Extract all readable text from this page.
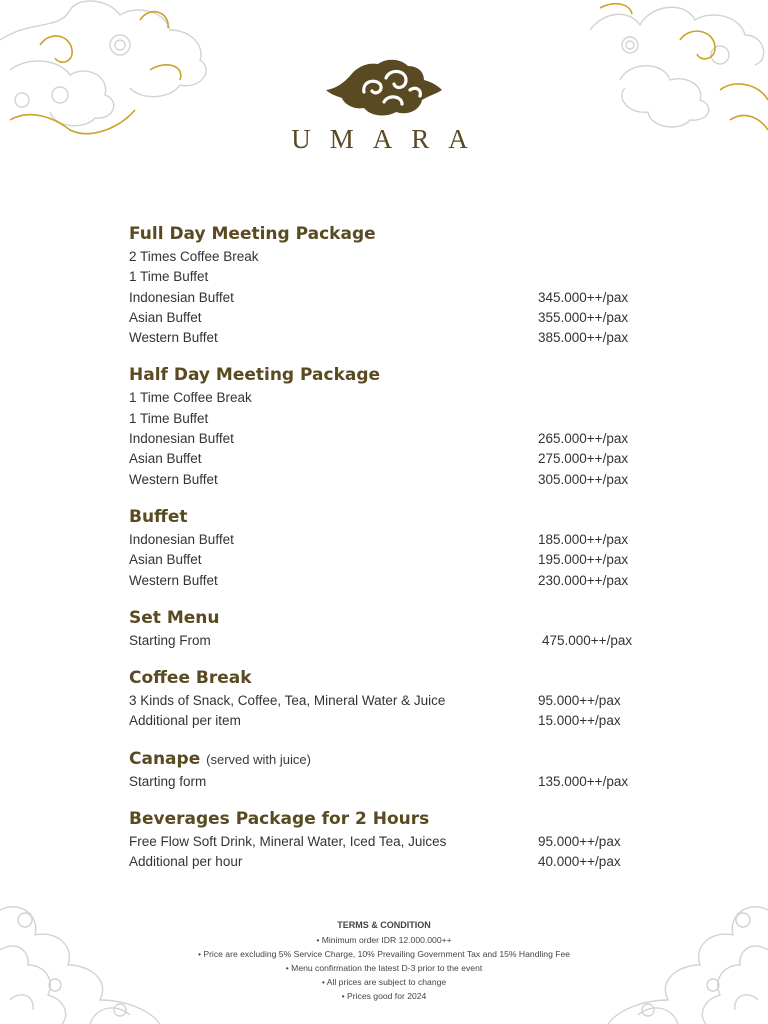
UMARA
Full Day Meeting Package
2 Times Coffee Break
1 Time Buffet
Indonesian Buffet	345.000++/pax
Asian Buffet	355.000++/pax
Western Buffet	385.000++/pax
Half Day Meeting Package
1 Time Coffee Break
1 Time Buffet
Indonesian Buffet	265.000++/pax
Asian Buffet	275.000++/pax
Western Buffet	305.000++/pax
Buffet
Indonesian Buffet	185.000++/pax
Asian Buffet	195.000++/pax
Western Buffet	230.000++/pax
Set Menu
Starting From	475.000++/pax
Coffee Break
3 Kinds of Snack, Coffee, Tea, Mineral Water & Juice	95.000++/pax
Additional per item	15.000++/pax
Canape (served with juice)
Starting form	135.000++/pax
Beverages Package for 2 Hours
Free Flow Soft Drink, Mineral Water, Iced Tea, Juices	95.000++/pax
Additional per hour	40.000++/pax
TERMS & CONDITION
• Minimum order IDR 12.000.000++
• Price are excluding 5% Service Charge, 10% Prevailing Government Tax and 15% Handling Fee
• Menu confirmation the latest D-3 prior to the event
• All prices are subject to change
• Prices good for 2024
